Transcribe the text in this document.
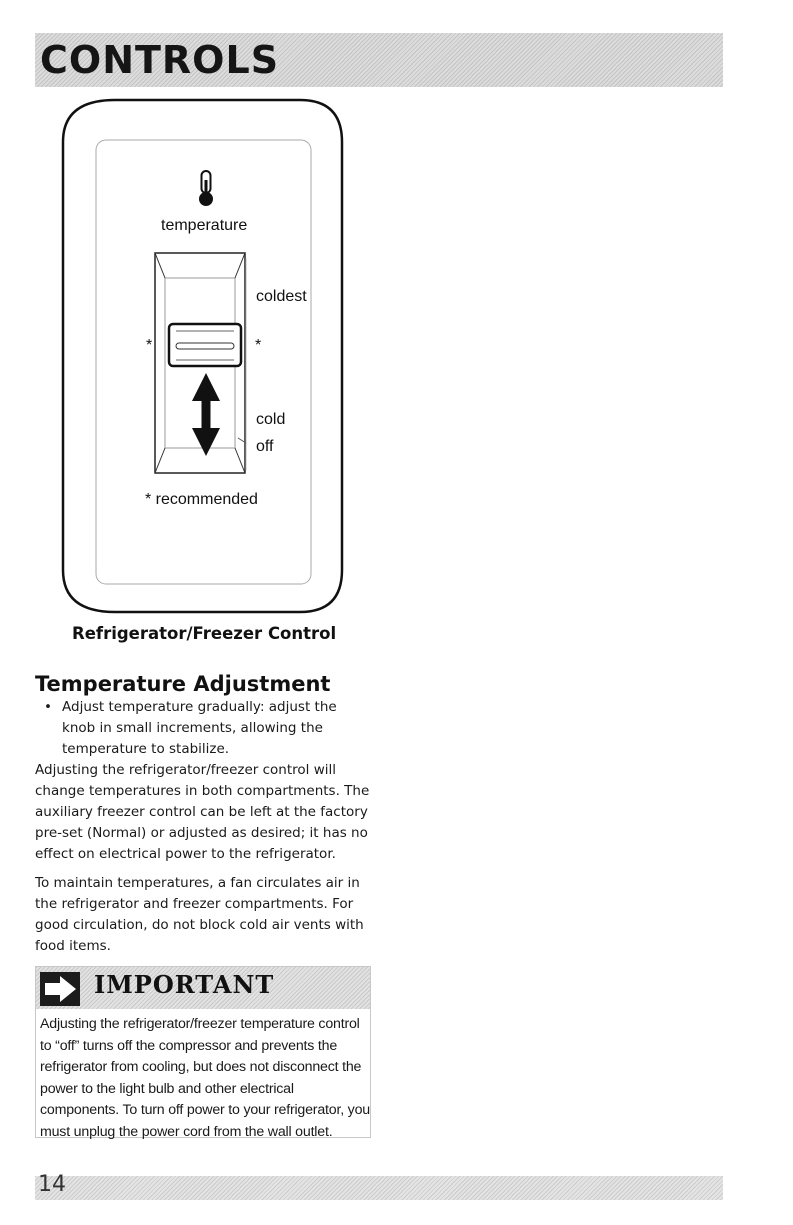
CONTROLS
temperature
coldest
*	*
cold
off
* recommended

Refrigerator/Freezer Control

Temperature Adjustment
• Adjust temperature gradually: adjust the knob in small increments, allowing the temperature to stabilize.

Adjusting the refrigerator/freezer control will change temperatures in both compartments. The auxiliary freezer control can be left at the factory pre-set (Normal) or adjusted as desired; it has no effect on electrical power to the refrigerator.

To maintain temperatures, a fan circulates air in the refrigerator and freezer compartments. For good circulation, do not block cold air vents with food items.

IMPORTANT

Adjusting the refrigerator/freezer temperature control to “off” turns off the compressor and prevents the refrigerator from cooling, but does not disconnect the power to the light bulb and other electrical components. To turn off power to your refrigerator, you must unplug the power cord from the wall outlet.

14
